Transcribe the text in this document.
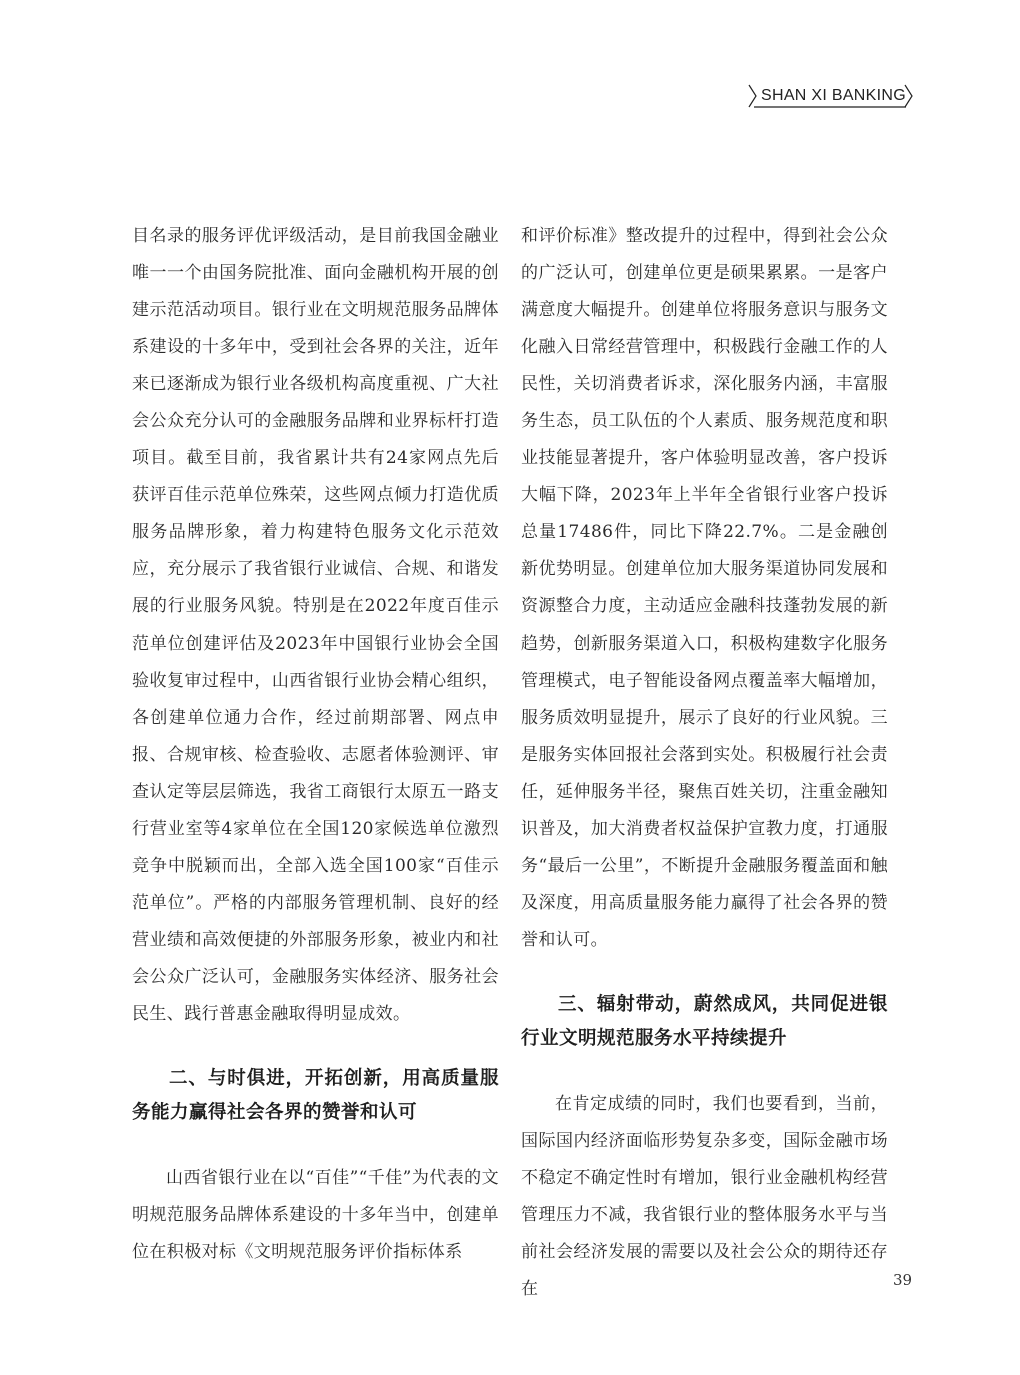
SHAN XI BANKING

目名录的服务评优评级活动，是目前我国金融业唯一一个由国务院批准、面向金融机构开展的创建示范活动项目。银行业在文明规范服务品牌体系建设的十多年中，受到社会各界的关注，近年来已逐渐成为银行业各级机构高度重视、广大社会公众充分认可的金融服务品牌和业界标杆打造项目。截至目前，我省累计共有24家网点先后获评百佳示范单位殊荣，这些网点倾力打造优质服务品牌形象，着力构建特色服务文化示范效应，充分展示了我省银行业诚信、合规、和谐发展的行业服务风貌。特别是在2022年度百佳示范单位创建评估及2023年中国银行业协会全国验收复审过程中，山西省银行业协会精心组织，各创建单位通力合作，经过前期部署、网点申报、合规审核、检查验收、志愿者体验测评、审查认定等层层筛选，我省工商银行太原五一路支行营业室等4家单位在全国120家候选单位激烈竞争中脱颖而出，全部入选全国100家“百佳示范单位”。严格的内部服务管理机制、良好的经营业绩和高效便捷的外部服务形象，被业内和社会公众广泛认可，金融服务实体经济、服务社会民生、践行普惠金融取得明显成效。

二、与时俱进，开拓创新，用高质量服务能力赢得社会各界的赞誉和认可

山西省银行业在以“百佳”“千佳”为代表的文明规范服务品牌体系建设的十多年当中，创建单位在积极对标《文明规范服务评价指标体系

和评价标准》整改提升的过程中，得到社会公众的广泛认可，创建单位更是硕果累累。一是客户满意度大幅提升。创建单位将服务意识与服务文化融入日常经营管理中，积极践行金融工作的人民性，关切消费者诉求，深化服务内涵，丰富服务生态，员工队伍的个人素质、服务规范度和职业技能显著提升，客户体验明显改善，客户投诉大幅下降，2023年上半年全省银行业客户投诉总量17486件，同比下降22.7%。二是金融创新优势明显。创建单位加大服务渠道协同发展和资源整合力度，主动适应金融科技蓬勃发展的新趋势，创新服务渠道入口，积极构建数字化服务管理模式，电子智能设备网点覆盖率大幅增加，服务质效明显提升，展示了良好的行业风貌。三是服务实体回报社会落到实处。积极履行社会责任，延伸服务半径，聚焦百姓关切，注重金融知识普及，加大消费者权益保护宣教力度，打通服务“最后一公里”，不断提升金融服务覆盖面和触及深度，用高质量服务能力赢得了社会各界的赞誉和认可。

三、辐射带动，蔚然成风，共同促进银行业文明规范服务水平持续提升

在肯定成绩的同时，我们也要看到，当前，国际国内经济面临形势复杂多变，国际金融市场不稳定不确定性时有增加，银行业金融机构经营管理压力不减，我省银行业的整体服务水平与当前社会经济发展的需要以及社会公众的期待还存在	39
